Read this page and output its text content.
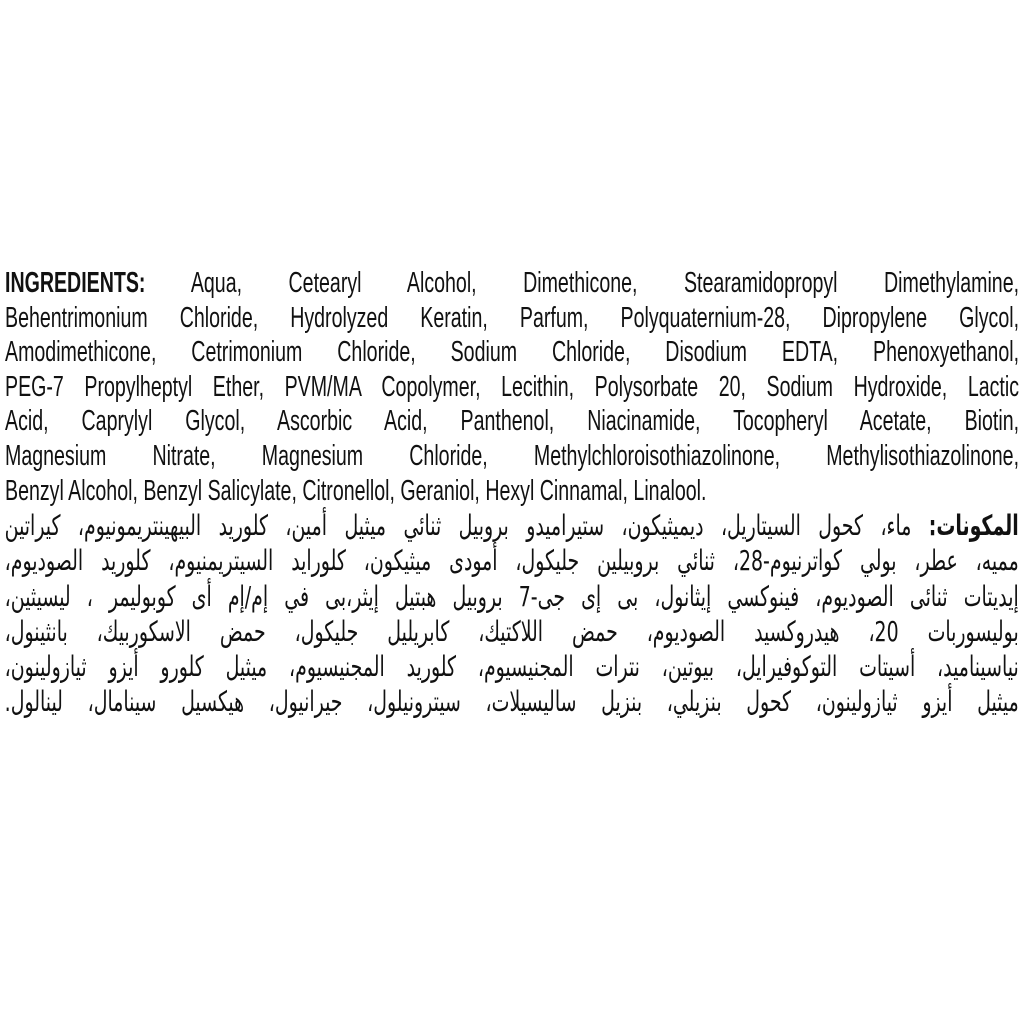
INGREDIENTS: Aqua, Cetearyl Alcohol, Dimethicone, Stearamidopropyl Dimethylamine,
Behentrimonium Chloride, Hydrolyzed Keratin, Parfum, Polyquaternium-28, Dipropylene Glycol,
Amodimethicone, Cetrimonium Chloride, Sodium Chloride, Disodium EDTA, Phenoxyethanol,
PEG-7 Propylheptyl Ether, PVM/MA Copolymer, Lecithin, Polysorbate 20, Sodium Hydroxide, Lactic
Acid, Caprylyl Glycol, Ascorbic Acid, Panthenol, Niacinamide, Tocopheryl Acetate, Biotin,
Magnesium Nitrate, Magnesium Chloride, Methylchloroisothiazolinone, Methylisothiazolinone,
Benzyl Alcohol, Benzyl Salicylate, Citronellol, Geraniol, Hexyl Cinnamal, Linalool.
المكونات: ماء، كحول السيتاريل، ديميثيكون، ستيراميدو بروبيل ثنائي ميثيل أمين، كلوريد البيهينتريمونيوم، كيراتين
مميه، عطر، بولي كواترنيوم-28، ثنائي بروبيلين جليكول، أمودى ميثيكون، كلورايد السيتريمنيوم، كلوريد الصوديوم،
إيديتات ثنائى الصوديوم، فينوكسي إيثانول، بى إى جى-7 بروبيل هبتيل إيثر،بى في إم/إم أى كوبوليمر ، ليسيثين،
بوليسوربات 20، هيدروكسيد الصوديوم، حمض اللاكتيك، كابريليل جليكول، حمض الاسكوربيك، بانثينول،
نياسيناميد، أسيتات التوكوفيرايل، بيوتين، نترات المجنيسيوم، كلوريد المجنيسيوم، ميثيل كلورو أيزو ثيازولينون،
ميثيل أيزو ثيازولينون، كحول بنزيلي، بنزيل ساليسيلات، سيترونيلول، جيرانيول، هيكسيل سينامال، لينالول.
